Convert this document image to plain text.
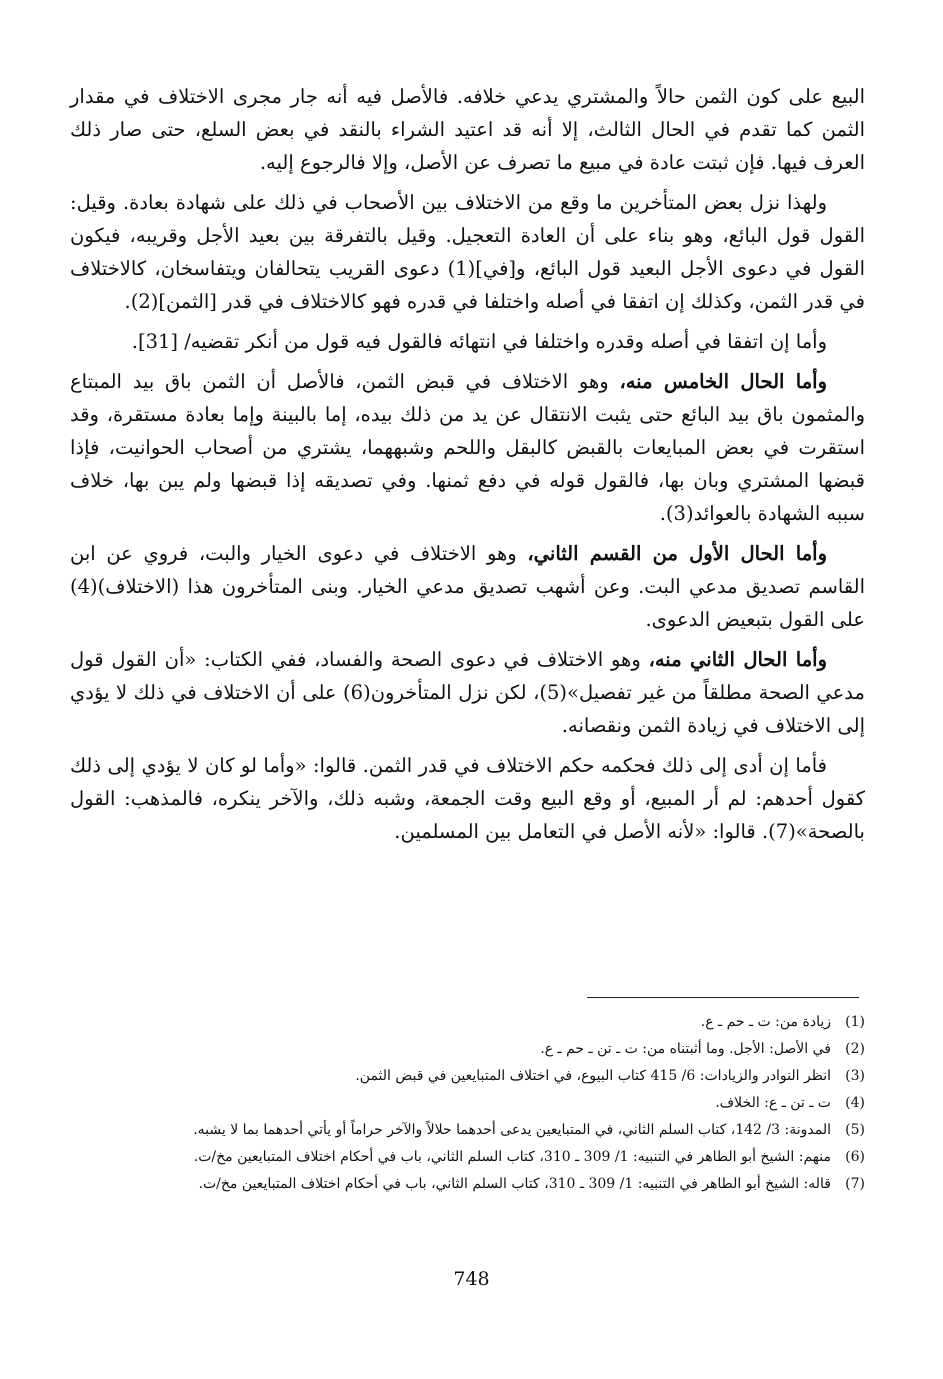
البيع على كون الثمن حالاً والمشتري يدعي خلافه. فالأصل فيه أنه جار مجرى الاختلاف في مقدار الثمن كما تقدم في الحال الثالث، إلا أنه قد اعتيد الشراء بالنقد في بعض السلع، حتى صار ذلك العرف فيها. فإن ثبتت عادة في مبيع ما تصرف عن الأصل، وإلا فالرجوع إليه.

ولهذا نزل بعض المتأخرين ما وقع من الاختلاف بين الأصحاب في ذلك على شهادة بعادة. وقيل: القول قول البائع، وهو بناء على أن العادة التعجيل. وقيل بالتفرقة بين بعيد الأجل وقريبه، فيكون القول في دعوى الأجل البعيد قول البائع، و[في](1) دعوى القريب يتحالفان ويتفاسخان، كالاختلاف في قدر الثمن، وكذلك إن اتفقا في أصله واختلفا في قدره فهو كالاختلاف في قدر [الثمن](2).

وأما إن اتفقا في أصله وقدره واختلفا في انتهائه فالقول فيه قول من أنكر تقضيه/ [31].

وأما الحال الخامس منه، وهو الاختلاف في قبض الثمن، فالأصل أن الثمن باق بيد المبتاع والمثمون باق بيد البائع حتى يثبت الانتقال عن يد من ذلك بيده، إما بالبينة وإما بعادة مستقرة، وقد استقرت في بعض المبايعات بالقبض كالبقل واللحم وشبههما، يشتري من أصحاب الحوانيت، فإذا قبضها المشتري وبان بها، فالقول قوله في دفع ثمنها. وفي تصديقه إذا قبضها ولم يبن بها، خلاف سببه الشهادة بالعوائد(3).

وأما الحال الأول من القسم الثاني، وهو الاختلاف في دعوى الخيار والبت، فروي عن ابن القاسم تصديق مدعي البت. وعن أشهب تصديق مدعي الخيار. وبنى المتأخرون هذا (الاختلاف)(4) على القول بتبعيض الدعوى.

وأما الحال الثاني منه، وهو الاختلاف في دعوى الصحة والفساد، ففي الكتاب: «أن القول قول مدعي الصحة مطلقاً من غير تفصيل»(5)، لكن نزل المتأخرون(6) على أن الاختلاف في ذلك لا يؤدي إلى الاختلاف في زيادة الثمن ونقصانه.

فأما إن أدى إلى ذلك فحكمه حكم الاختلاف في قدر الثمن. قالوا: «وأما لو كان لا يؤدي إلى ذلك كقول أحدهم: لم أر المبيع، أو وقع البيع وقت الجمعة، وشبه ذلك، والآخر ينكره، فالمذهب: القول بالصحة»(7). قالوا: «لأنه الأصل في التعامل بين المسلمين.

(1)
زيادة من: ت ـ حم ـ ع.
(2)
في الأصل: الأجل. وما أثبتناه من: ت ـ تن ـ حم ـ ع.
(3)
انظر النوادر والزيادات: 6/ 415 كتاب البيوع، في اختلاف المتبايعين في قبض الثمن.
(4)
ت ـ تن ـ ع: الخلاف.
(5)
المدونة: 3/ 142، كتاب السلم الثاني، في المتبايعين يدعى أحدهما حلالاً والآخر حراماً أو يأتي أحدهما بما لا يشبه.
(6)
منهم: الشيخ أبو الطاهر في التنبيه: 1/ 309 ـ 310، كتاب السلم الثاني، باب في أحكام اختلاف المتبايعين مخ/ت.
(7)
قاله: الشيخ أبو الطاهر في التنبيه: 1/ 309 ـ 310، كتاب السلم الثاني، باب في أحكام اختلاف المتبايعين مخ/ت.
748
